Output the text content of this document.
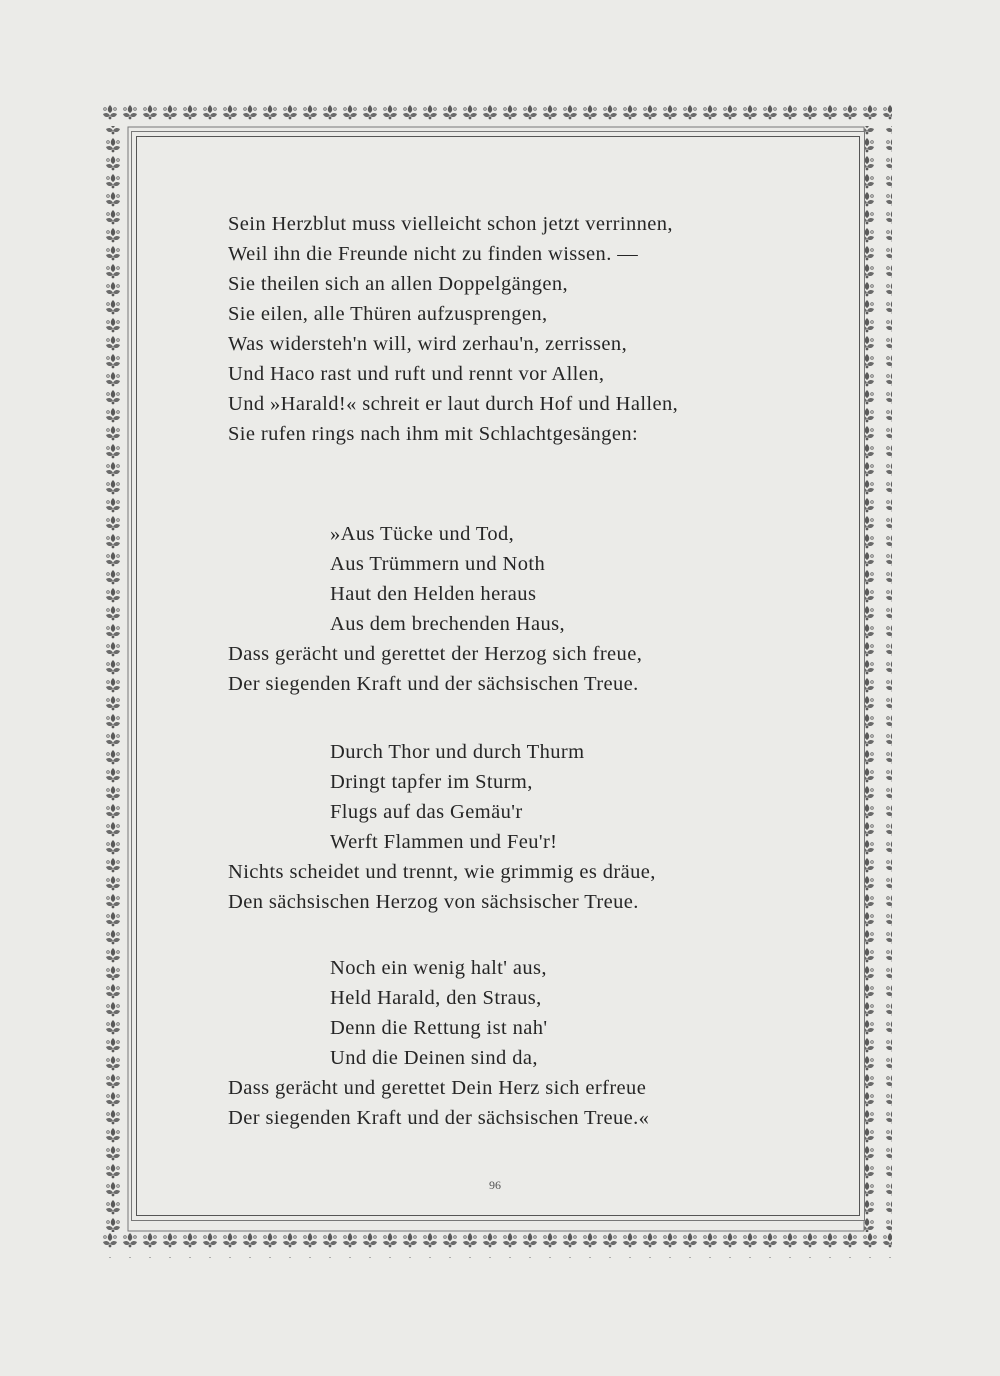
Sein Herzblut muss vielleicht schon jetzt verrinnen,
Weil ihn die Freunde nicht zu finden wissen. —
Sie theilen sich an allen Doppelgängen,
Sie eilen, alle Thüren aufzusprengen,
Was widersteh'n will, wird zerhau'n, zerrissen,
Und Haco rast und ruft und rennt vor Allen,
Und »Harald!« schreit er laut durch Hof und Hallen,
Sie rufen rings nach ihm mit Schlachtgesängen:
»Aus Tücke und Tod,
Aus Trümmern und Noth
Haut den Helden heraus
Aus dem brechenden Haus,
Dass gerächt und gerettet der Herzog sich freue,
Der siegenden Kraft und der sächsischen Treue.
Durch Thor und durch Thurm
Dringt tapfer im Sturm,
Flugs auf das Gemäu'r
Werft Flammen und Feu'r!
Nichts scheidet und trennt, wie grimmig es dräue,
Den sächsischen Herzog von sächsischer Treue.
Noch ein wenig halt' aus,
Held Harald, den Straus,
Denn die Rettung ist nah'
Und die Deinen sind da,
Dass gerächt und gerettet Dein Herz sich erfreue
Der siegenden Kraft und der sächsischen Treue.«
96
